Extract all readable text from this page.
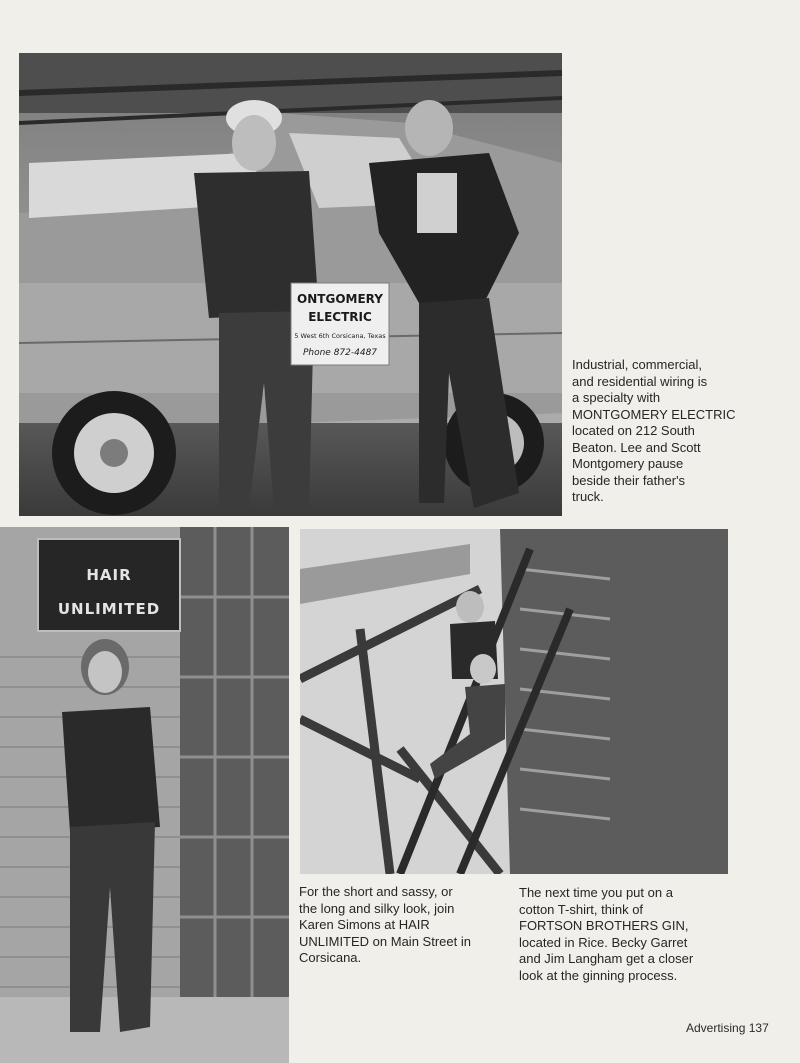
ONTGOMERY
ELECTRIC
5 West 6th Corsicana, Texas
Phone 872-4487
Industrial, commercial,
and residential wiring is
a specialty with
MONTGOMERY ELECTRIC
located on 212 South
Beaton. Lee and Scott
Montgomery pause
beside their father's
truck.
HAIR
UNLIMITED
For the short and sassy, or
the long and silky look, join
Karen Simons at HAIR
UNLIMITED on Main Street in
Corsicana.
The next time you put on a
cotton T-shirt, think of
FORTSON BROTHERS GIN,
located in Rice. Becky Garret
and Jim Langham get a closer
look at the ginning process.
Advertising 137
